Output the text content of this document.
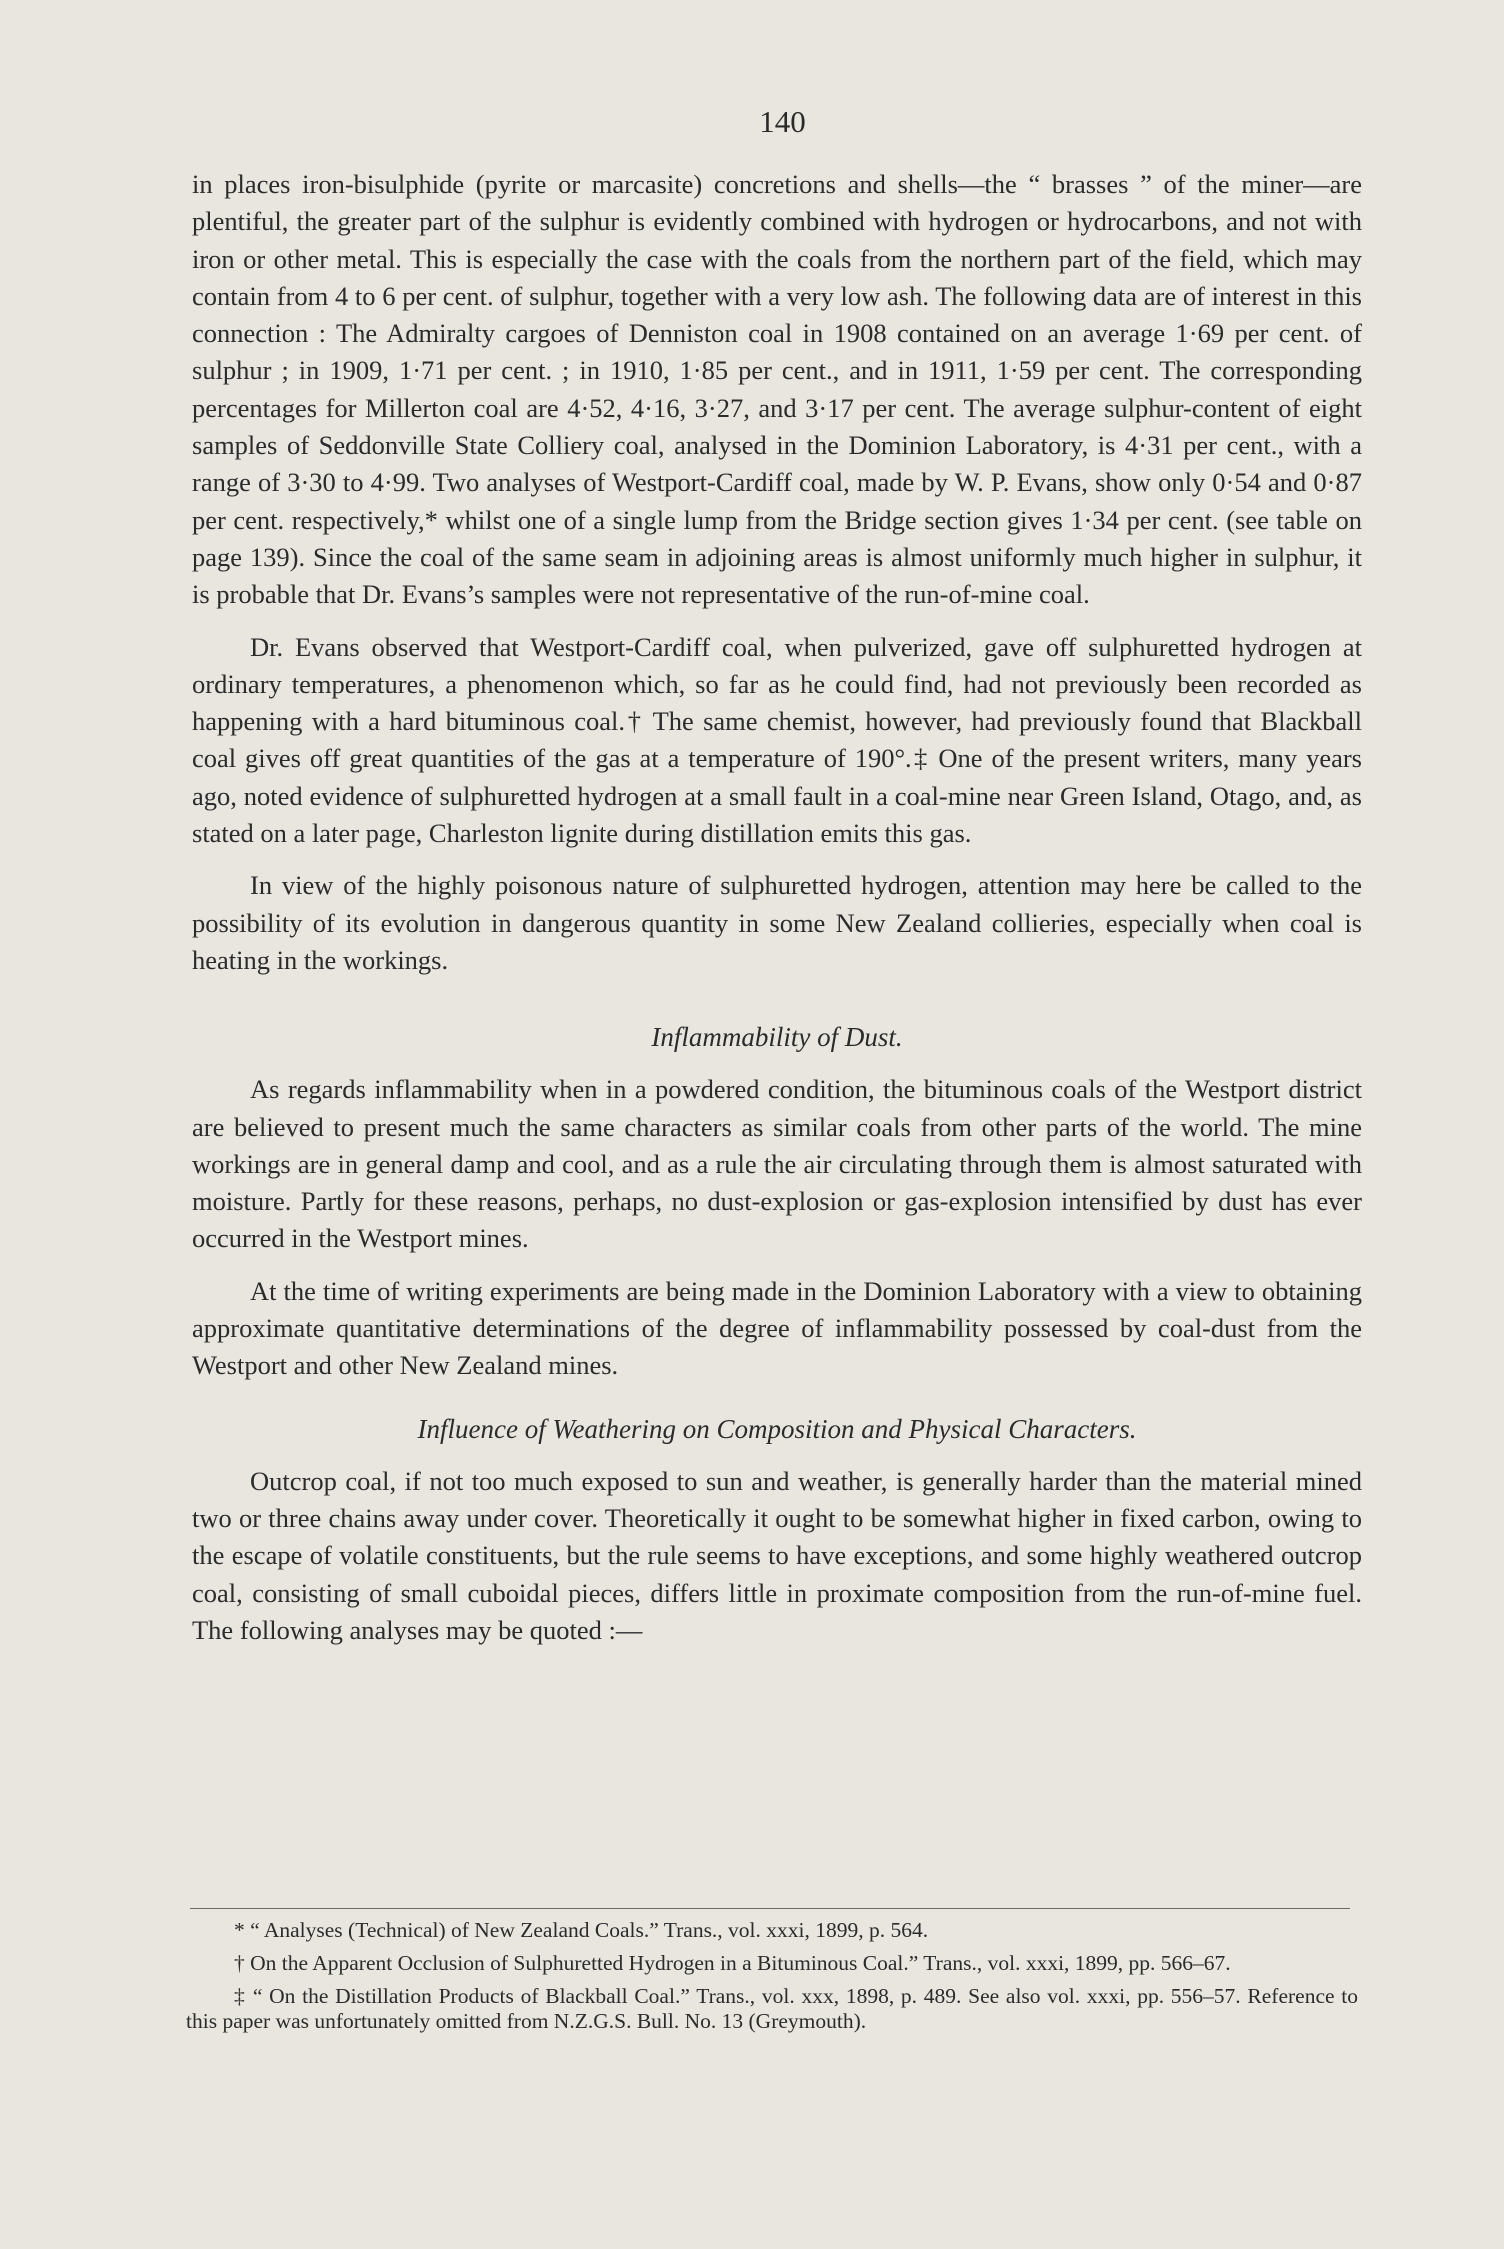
140

in places iron-bisulphide (pyrite or marcasite) concretions and shells—the “ brasses ” of the miner—are plentiful, the greater part of the sulphur is evidently combined with hydrogen or hydrocarbons, and not with iron or other metal. This is especially the case with the coals from the northern part of the field, which may contain from 4 to 6 per cent. of sulphur, together with a very low ash. The following data are of interest in this connection : The Admiralty cargoes of Denniston coal in 1908 contained on an average 1·69 per cent. of sulphur ; in 1909, 1·71 per cent. ; in 1910, 1·85 per cent., and in 1911, 1·59 per cent. The corresponding percentages for Millerton coal are 4·52, 4·16, 3·27, and 3·17 per cent. The average sulphur-content of eight samples of Seddonville State Colliery coal, analysed in the Dominion Laboratory, is 4·31 per cent., with a range of 3·30 to 4·99. Two analyses of Westport-Cardiff coal, made by W. P. Evans, show only 0·54 and 0·87 per cent. respectively,* whilst one of a single lump from the Bridge section gives 1·34 per cent. (see table on page 139). Since the coal of the same seam in adjoining areas is almost uniformly much higher in sulphur, it is probable that Dr. Evans’s samples were not representative of the run-of-mine coal.

Dr. Evans observed that Westport-Cardiff coal, when pulverized, gave off sulphuretted hydrogen at ordinary temperatures, a phenomenon which, so far as he could find, had not previously been recorded as happening with a hard bituminous coal.† The same chemist, however, had previously found that Blackball coal gives off great quantities of the gas at a temperature of 190°.‡ One of the present writers, many years ago, noted evidence of sulphuretted hydrogen at a small fault in a coal-mine near Green Island, Otago, and, as stated on a later page, Charleston lignite during distillation emits this gas.

In view of the highly poisonous nature of sulphuretted hydrogen, attention may here be called to the possibility of its evolution in dangerous quantity in some New Zealand collieries, especially when coal is heating in the workings.

Inflammability of Dust.

As regards inflammability when in a powdered condition, the bituminous coals of the Westport district are believed to present much the same characters as similar coals from other parts of the world. The mine workings are in general damp and cool, and as a rule the air circulating through them is almost saturated with moisture. Partly for these reasons, perhaps, no dust-explosion or gas-explosion intensified by dust has ever occurred in the Westport mines.

At the time of writing experiments are being made in the Dominion Laboratory with a view to obtaining approximate quantitative determinations of the degree of inflammability possessed by coal-dust from the Westport and other New Zealand mines.

Influence of Weathering on Composition and Physical Characters.

Outcrop coal, if not too much exposed to sun and weather, is generally harder than the material mined two or three chains away under cover. Theoretically it ought to be somewhat higher in fixed carbon, owing to the escape of volatile constituents, but the rule seems to have exceptions, and some highly weathered outcrop coal, consisting of small cuboidal pieces, differs little in proximate composition from the run-of-mine fuel. The following analyses may be quoted :—

* “ Analyses (Technical) of New Zealand Coals.” Trans., vol. xxxi, 1899, p. 564.

† On the Apparent Occlusion of Sulphuretted Hydrogen in a Bituminous Coal.” Trans., vol. xxxi, 1899, pp. 566–67.

‡ “ On the Distillation Products of Blackball Coal.” Trans., vol. xxx, 1898, p. 489. See also vol. xxxi, pp. 556–57. Reference to this paper was unfortunately omitted from N.Z.G.S. Bull. No. 13 (Greymouth).
